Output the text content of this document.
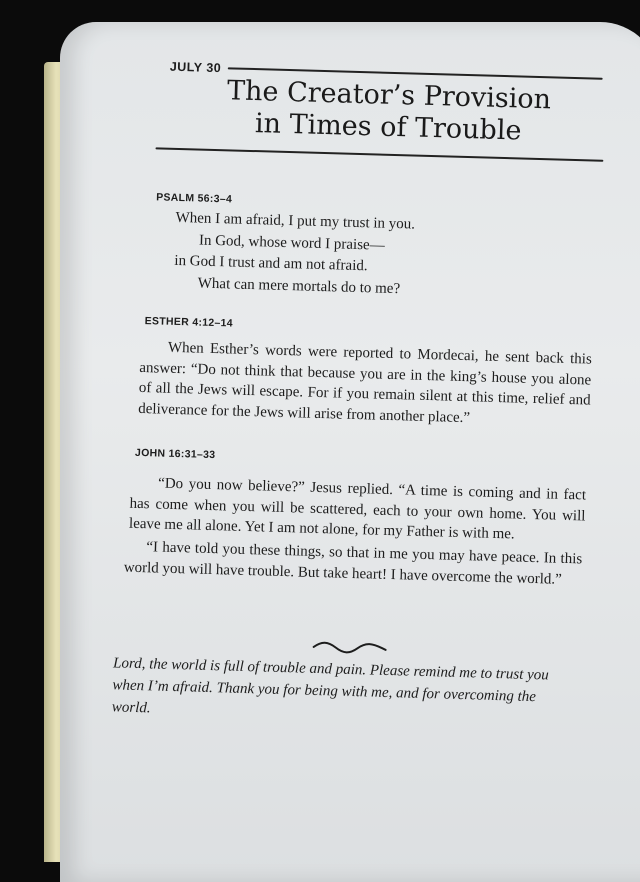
JULY 30
The Creator’s Provision
in Times of Trouble
PSALM 56:3–4
When I am afraid, I put my trust in you.
In God, whose word I praise—
in God I trust and am not afraid.
What can mere mortals do to me?
ESTHER 4:12–14
When Esther’s words were reported to Mordecai, he sent back this answer: “Do not think that because you are in the king’s house you alone of all the Jews will escape. For if you remain silent at this time, relief and deliverance for the Jews will arise from another place.”
JOHN 16:31–33
“Do you now believe?” Jesus replied. “A time is coming and in fact has come when you will be scattered, each to your own home. You will leave me all alone. Yet I am not alone, for my Father is with me.
“I have told you these things, so that in me you may have peace. In this world you will have trouble. But take heart! I have overcome the world.”
Lord, the world is full of trouble and pain. Please remind me to trust you when I’m afraid. Thank you for being with me, and for overcoming the world.
